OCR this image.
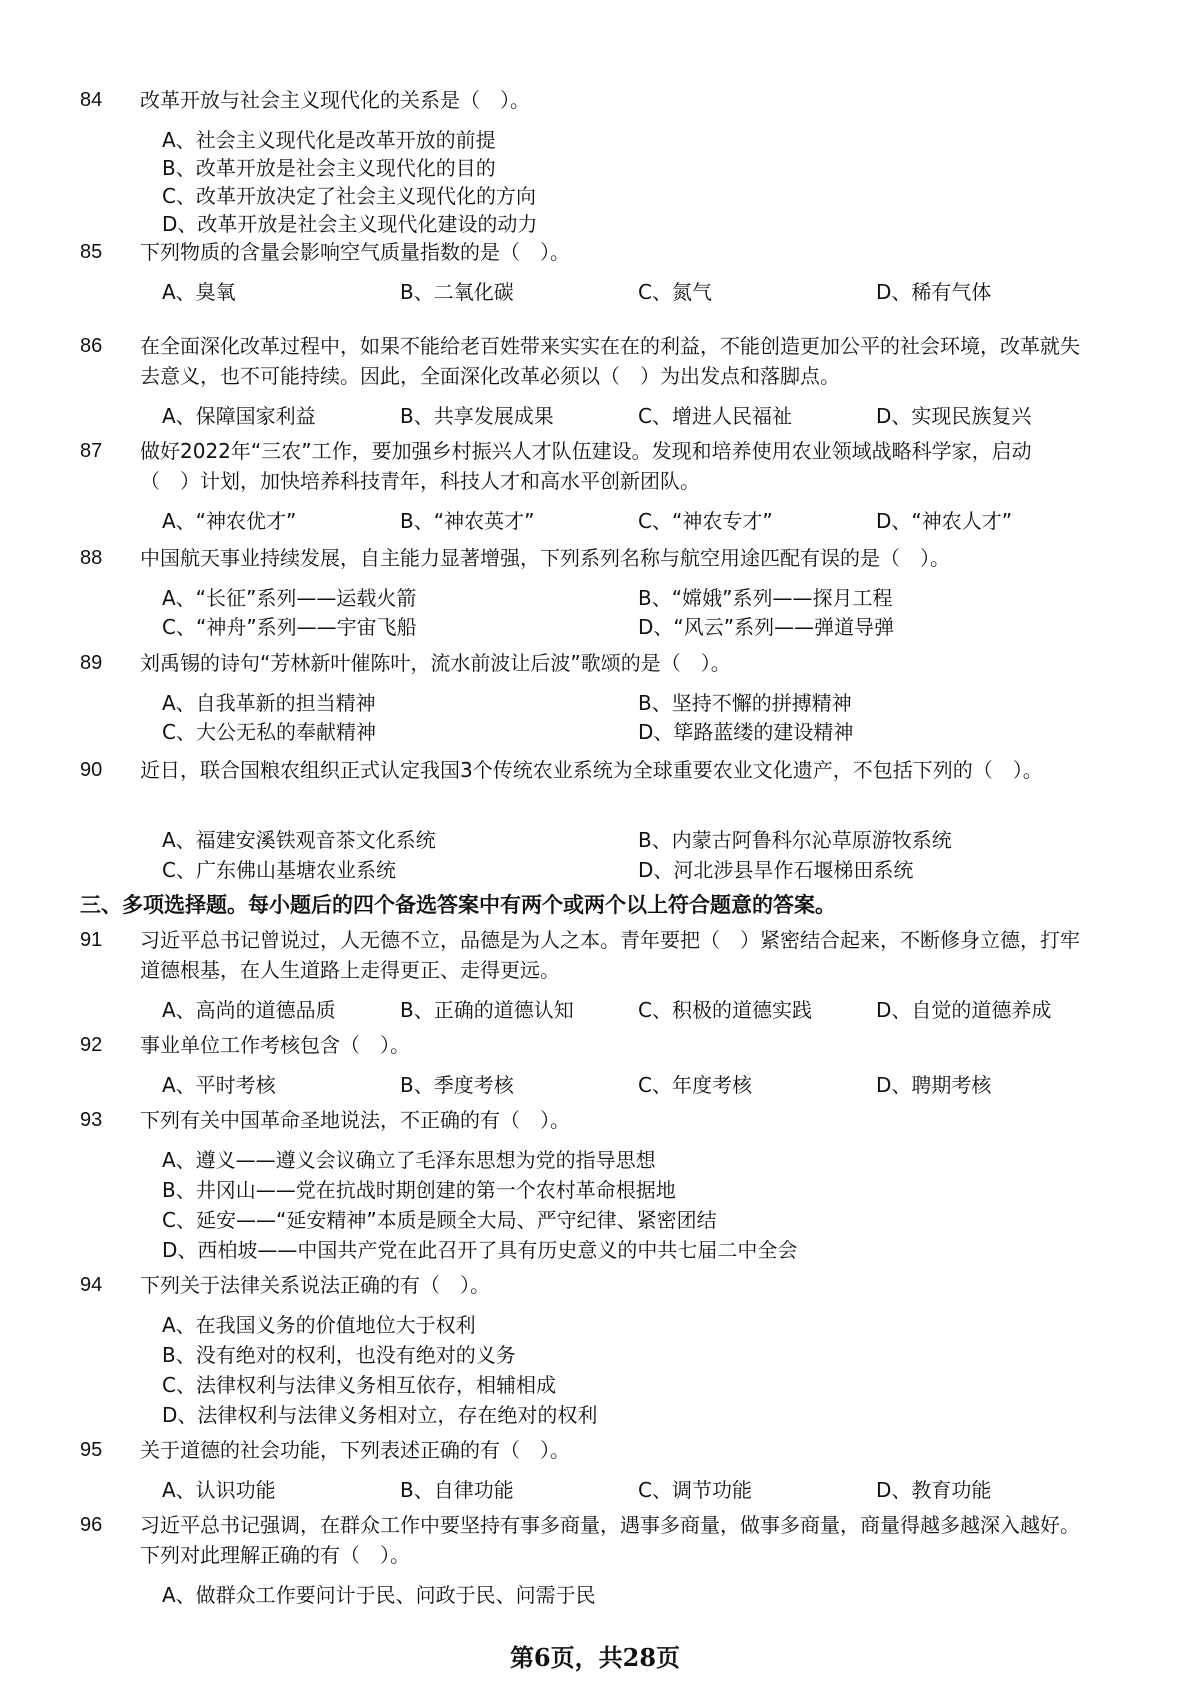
84 改革开放与社会主义现代化的关系是（　）。
A、社会主义现代化是改革开放的前提
B、改革开放是社会主义现代化的目的
C、改革开放决定了社会主义现代化的方向
D、改革开放是社会主义现代化建设的动力
85 下列物质的含量会影响空气质量指数的是（　）。
A、臭氧	B、二氧化碳	C、氮气	D、稀有气体
86 在全面深化改革过程中，如果不能给老百姓带来实实在在的利益，不能创造更加公平的社会环境，改革就失去意义，也不可能持续。因此，全面深化改革必须以（　）为出发点和落脚点。
A、保障国家利益	B、共享发展成果	C、增进人民福祉	D、实现民族复兴
87 做好2022年“三农”工作，要加强乡村振兴人才队伍建设。发现和培养使用农业领域战略科学家，启动（　）计划，加快培养科技青年，科技人才和高水平创新团队。
A、“神农优才”	B、“神农英才”	C、“神农专才”	D、“神农人才”
88 中国航天事业持续发展，自主能力显著增强，下列系列名称与航空用途匹配有误的是（　）。
A、“长征”系列——运载火箭	B、“嫦娥”系列——探月工程
C、“神舟”系列——宇宙飞船	D、“风云”系列——弹道导弹
89 刘禹锡的诗句“芳林新叶催陈叶，流水前波让后波”歌颂的是（　）。
A、自我革新的担当精神	B、坚持不懈的拼搏精神
C、大公无私的奉献精神	D、筚路蓝缕的建设精神
90 近日，联合国粮农组织正式认定我国3个传统农业系统为全球重要农业文化遗产，不包括下列的（　）。
A、福建安溪铁观音茶文化系统	B、内蒙古阿鲁科尔沁草原游牧系统
C、广东佛山基塘农业系统	D、河北涉县旱作石堰梯田系统
三、多项选择题。每小题后的四个备选答案中有两个或两个以上符合题意的答案。
91 习近平总书记曾说过，人无德不立，品德是为人之本。青年要把（　）紧密结合起来，不断修身立德，打牢道德根基，在人生道路上走得更正、走得更远。
A、高尚的道德品质	B、正确的道德认知	C、积极的道德实践	D、自觉的道德养成
92 事业单位工作考核包含（　）。
A、平时考核	B、季度考核	C、年度考核	D、聘期考核
93 下列有关中国革命圣地说法，不正确的有（　）。
A、遵义——遵义会议确立了毛泽东思想为党的指导思想
B、井冈山——党在抗战时期创建的第一个农村革命根据地
C、延安——“延安精神”本质是顾全大局、严守纪律、紧密团结
D、西柏坡——中国共产党在此召开了具有历史意义的中共七届二中全会
94 下列关于法律关系说法正确的有（　）。
A、在我国义务的价值地位大于权利
B、没有绝对的权利，也没有绝对的义务
C、法律权利与法律义务相互依存，相辅相成
D、法律权利与法律义务相对立，存在绝对的权利
95 关于道德的社会功能，下列表述正确的有（　）。
A、认识功能	B、自律功能	C、调节功能	D、教育功能
96 习近平总书记强调，在群众工作中要坚持有事多商量，遇事多商量，做事多商量，商量得越多越深入越好。下列对此理解正确的有（　）。
A、做群众工作要问计于民、问政于民、问需于民
第6页，共28页
